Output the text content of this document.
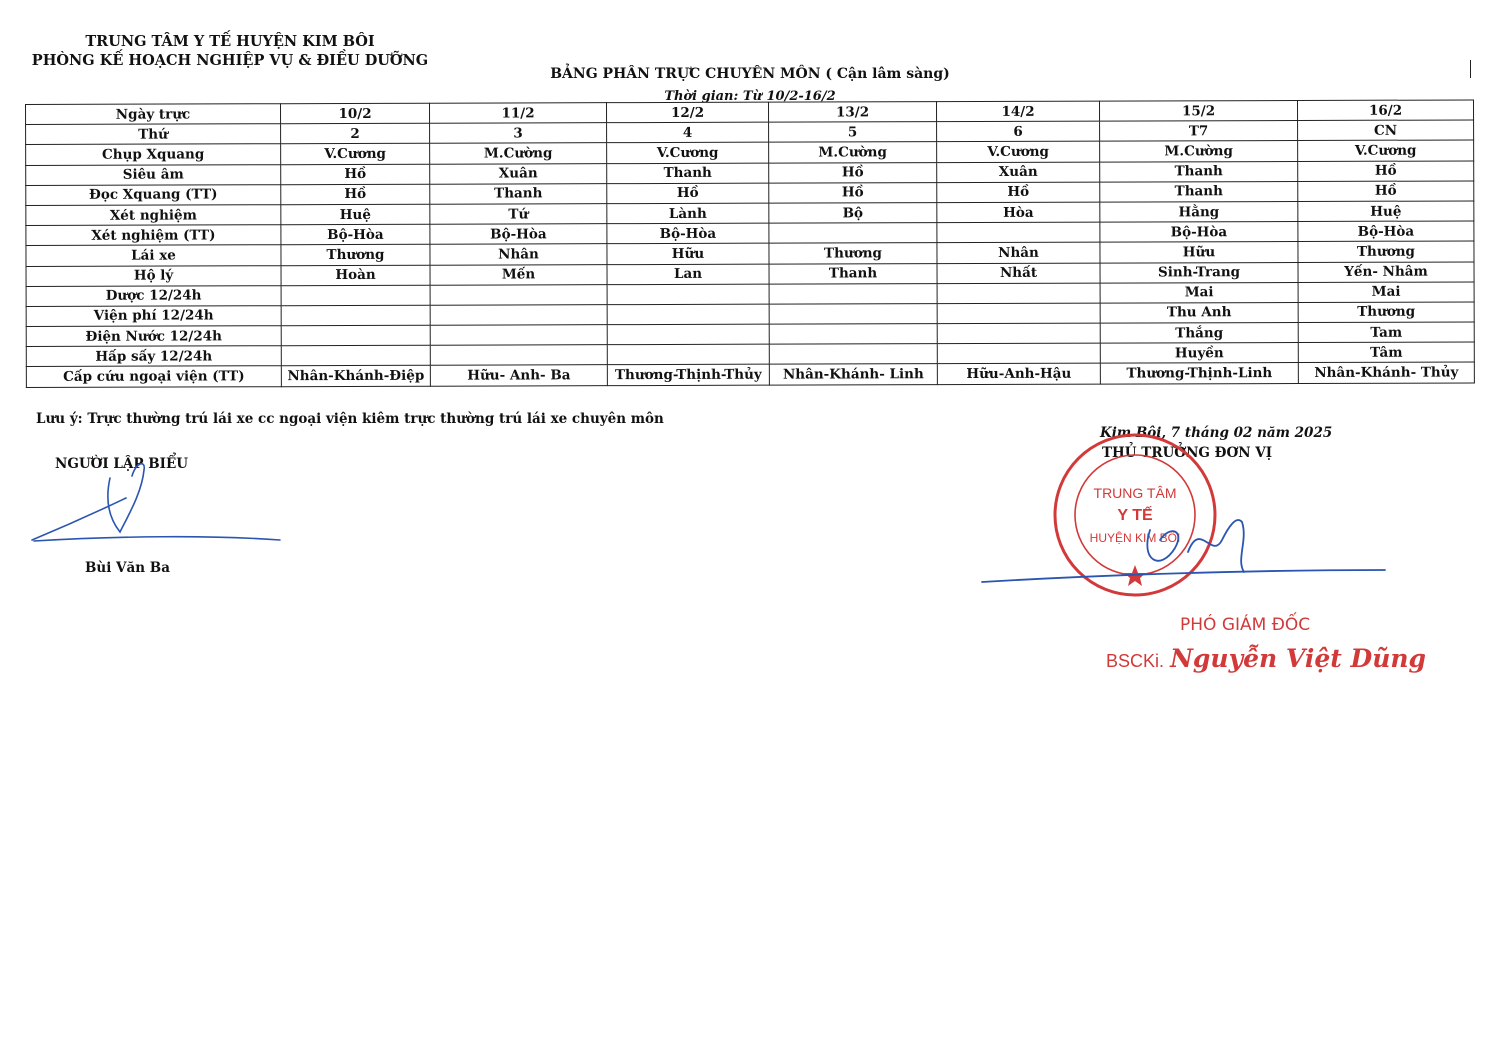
TRUNG TÂM Y TẾ HUYỆN KIM BÔI
PHÒNG KẾ HOẠCH NGHIỆP VỤ & ĐIỀU DƯỠNG
BẢNG PHÂN TRỰC CHUYÊN MÔN ( Cận lâm sàng)
Thời gian: Từ 10/2-16/2
Ngày trực	10/2	11/2	12/2	13/2	14/2	15/2	16/2
Thứ	2	3	4	5	6	T7	CN
Chụp Xquang	V.Cương	M.Cường	V.Cương	M.Cường	V.Cương	M.Cường	V.Cương
Siêu âm	Hồ	Xuân	Thanh	Hồ	Xuân	Thanh	Hồ
Đọc Xquang (TT)	Hồ	Thanh	Hồ	Hồ	Hồ	Thanh	Hồ
Xét nghiệm	Huệ	Tứ	Lành	Bộ	Hòa	Hằng	Huệ
Xét nghiệm (TT)	Bộ-Hòa	Bộ-Hòa	Bộ-Hòa			Bộ-Hòa	Bộ-Hòa
Lái xe	Thương	Nhân	Hữu	Thương	Nhân	Hữu	Thương
Hộ lý	Hoàn	Mến	Lan	Thanh	Nhất	Sinh-Trang	Yến- Nhâm
Dược 12/24h						Mai	Mai
Viện phí 12/24h						Thu Anh	Thương
Điện Nước 12/24h						Thắng	Tam
Hấp sấy 12/24h						Huyền	Tâm
Cấp cứu ngoại viện (TT)	Nhân-Khánh-Điệp	Hữu- Anh- Ba	Thương-Thịnh-Thủy	Nhân-Khánh- Linh	Hữu-Anh-Hậu	Thương-Thịnh-Linh	Nhân-Khánh- Thủy
Lưu ý: Trực thường trú lái xe cc ngoại viện kiêm trực thường trú lái xe chuyên môn
NGƯỜI LẬP BIỂU
Bùi Văn Ba
Kim Bôi, 7 tháng 02 năm 2025
THỦ TRƯỞNG ĐƠN VỊ
TRUNG TÂM
Y TẾ
HUYỆN KIM BÔI
PHÓ GIÁM ĐỐC
BSCKi. Nguyễn Việt Dũng
